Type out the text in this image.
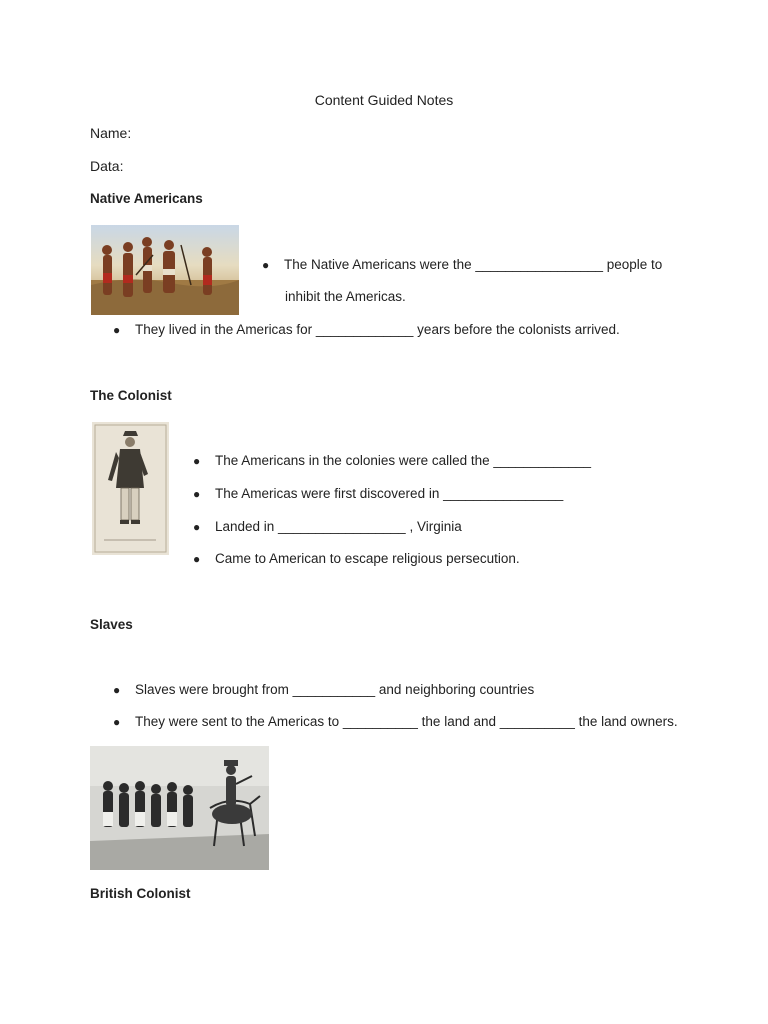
Content Guided Notes
Name:
Data:
Native Americans
●	The Native Americans were the _________________ people to
inhibit the Americas.
●	They lived in the Americas for _____________ years before the colonists arrived.
The Colonist
●	The Americans in the colonies were called the _____________
●	The Americas were first discovered in ________________
●	Landed in _________________ , Virginia
●	Came to American to escape religious persecution.
Slaves
●	Slaves were brought from ___________ and neighboring countries
●	They were sent to the Americas to __________ the land and __________ the land owners.
British Colonist
